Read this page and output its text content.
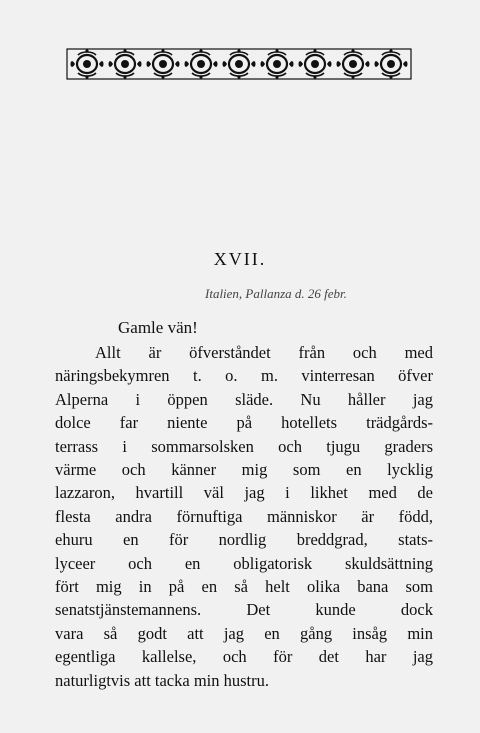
XVII.
Italien, Pallanza d. 26 febr.
Gamle vän!
Allt är öfverståndet från och med
näringsbekymren t. o. m. vinterresan öfver
Alperna i öppen släde. Nu håller jag
dolce far niente på hotellets trädgårds-
terrass i sommarsolsken och tjugu graders
värme och känner mig som en lycklig
lazzaron, hvartill väl jag i likhet med de
flesta andra förnuftiga människor är född,
ehuru en för nordlig breddgrad, stats-
lyceer och en obligatorisk skuldsättning
fört mig in på en så helt olika bana som
senatstjänstemannens. Det kunde dock
vara så godt att jag en gång insåg min
egentliga kallelse, och för det har jag
naturligtvis att tacka min hustru.
